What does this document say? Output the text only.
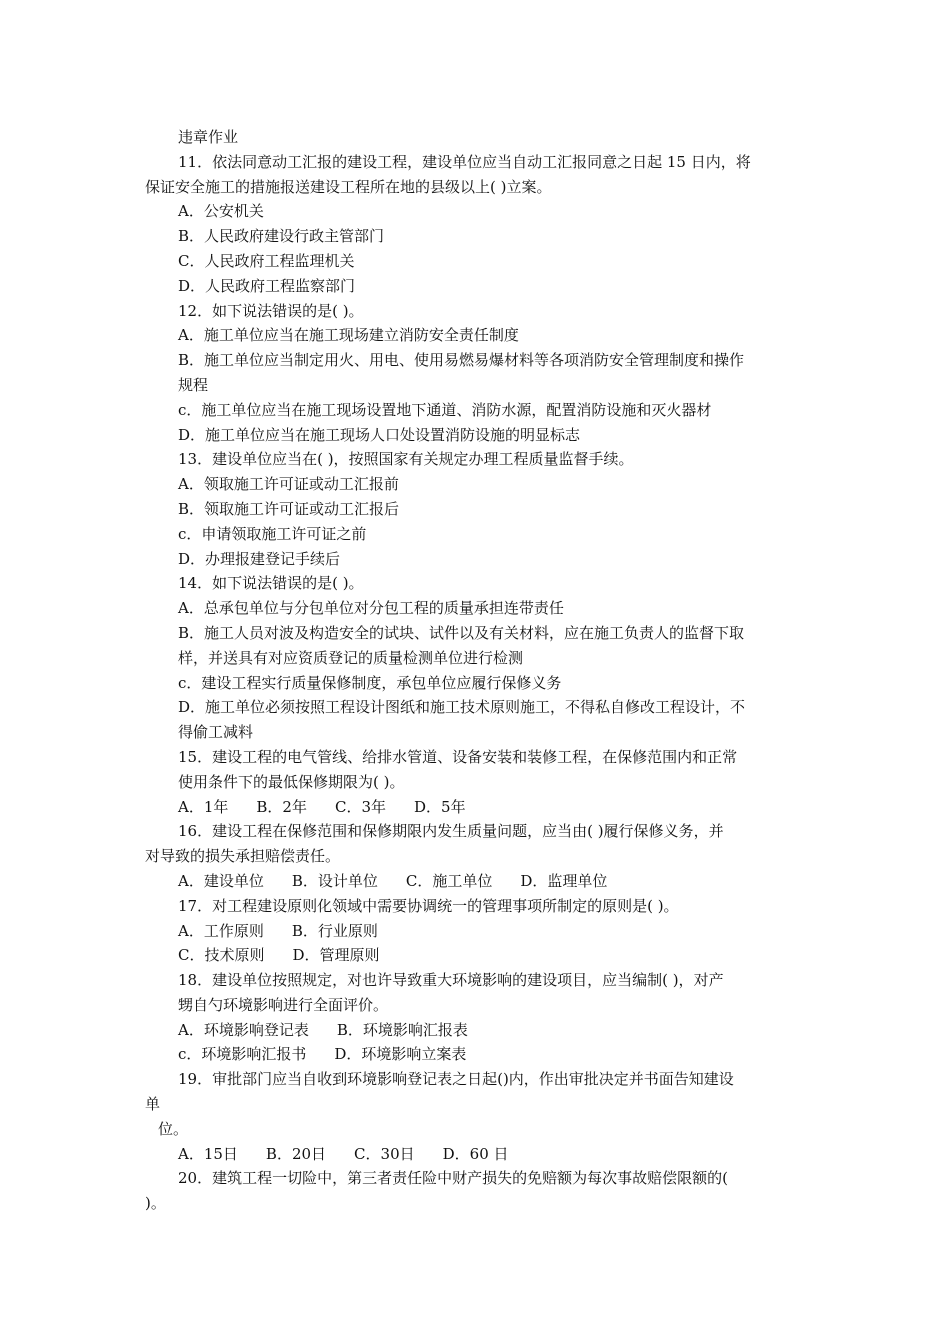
违章作业
11．依法同意动工汇报的建设工程，建设单位应当自动工汇报同意之日起 15 日内，将
保证安全施工的措施报送建设工程所在地的县级以上( )立案。
A．公安机关
B．人民政府建设行政主管部门
C．人民政府工程监理机关
D．人民政府工程监察部门
12．如下说法错误的是( )。
A．施工单位应当在施工现场建立消防安全责任制度
B．施工单位应当制定用火、用电、使用易燃易爆材料等各项消防安全管理制度和操作
规程
c．施工单位应当在施工现场设置地下通道、消防水源，配置消防设施和灭火器材
D．施工单位应当在施工现场人口处设置消防设施的明显标志
13．建设单位应当在( )，按照国家有关规定办理工程质量监督手续。
A．领取施工许可证或动工汇报前
B．领取施工许可证或动工汇报后
c．申请领取施工许可证之前
D．办理报建登记手续后
14．如下说法错误的是( )。
A．总承包单位与分包单位对分包工程的质量承担连带责任
B．施工人员对波及构造安全的试块、试件以及有关材料，应在施工负责人的监督下取
样，并送具有对应资质登记的质量检测单位进行检测
c．建设工程实行质量保修制度，承包单位应履行保修义务
D．施工单位必须按照工程设计图纸和施工技术原则施工，不得私自修改工程设计，不
得偷工减料
15．建设工程的电气管线、给排水管道、设备安装和装修工程，在保修范围内和正常
使用条件下的最低保修期限为( )。
A．1年 B．2年 C．3年 D．5年
16．建设工程在保修范围和保修期限内发生质量问题，应当由( )履行保修义务，并
对导致的损失承担赔偿责任。
A．建设单位 B．设计单位 C．施工单位 D．监理单位
17．对工程建设原则化领域中需要协调统一的管理事项所制定的原则是( )。
A．工作原则 B．行业原则
C．技术原则 D．管理原则
18．建设单位按照规定，对也许导致重大环境影响的建设项目，应当编制( )，对产
甥自勺环境影响进行全面评价。
A．环境影响登记表 B．环境影响汇报表
c．环境影响汇报书 D．环境影响立案表
19．审批部门应当自收到环境影响登记表之日起()内，作出审批决定并书面告知建设
单
位。
A．15日 B．20日 C．30日 D．60 日
20．建筑工程一切险中，第三者责任险中财产损失的免赔额为每次事故赔偿限额的(
)。
